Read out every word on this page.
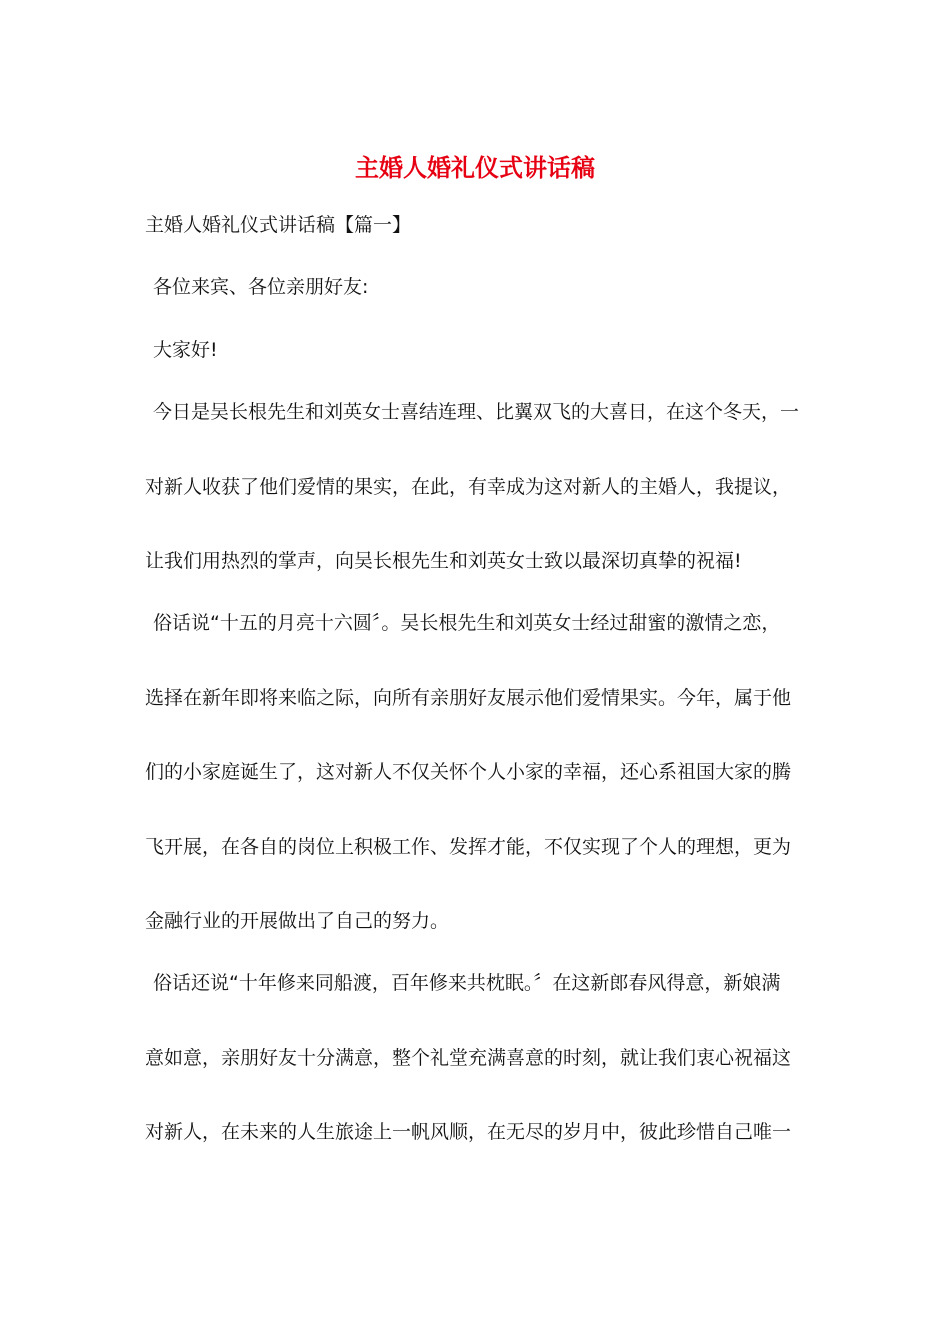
主婚人婚礼仪式讲话稿
主婚人婚礼仪式讲话稿【篇一】
各位来宾、各位亲朋好友:
大家好!
今日是吴长根先生和刘英女士喜结连理、比翼双飞的大喜日，在这个冬天，一
对新人收获了他们爱情的果实，在此，有幸成为这对新人的主婚人，我提议，
让我们用热烈的掌声，向吴长根先生和刘英女士致以最深切真挚的祝福!
俗话说“十五的月亮十六圆〞。吴长根先生和刘英女士经过甜蜜的激情之恋，
选择在新年即将来临之际，向所有亲朋好友展示他们爱情果实。今年，属于他
们的小家庭诞生了，这对新人不仅关怀个人小家的幸福，还心系祖国大家的腾
飞开展，在各自的岗位上积极工作、发挥才能，不仅实现了个人的理想，更为
金融行业的开展做出了自己的努力。
俗话还说“十年修来同船渡，百年修来共枕眠。〞在这新郎春风得意，新娘满
意如意，亲朋好友十分满意，整个礼堂充满喜意的时刻，就让我们衷心祝福这
对新人，在未来的人生旅途上一帆风顺，在无尽的岁月中，彼此珍惜自己唯一
